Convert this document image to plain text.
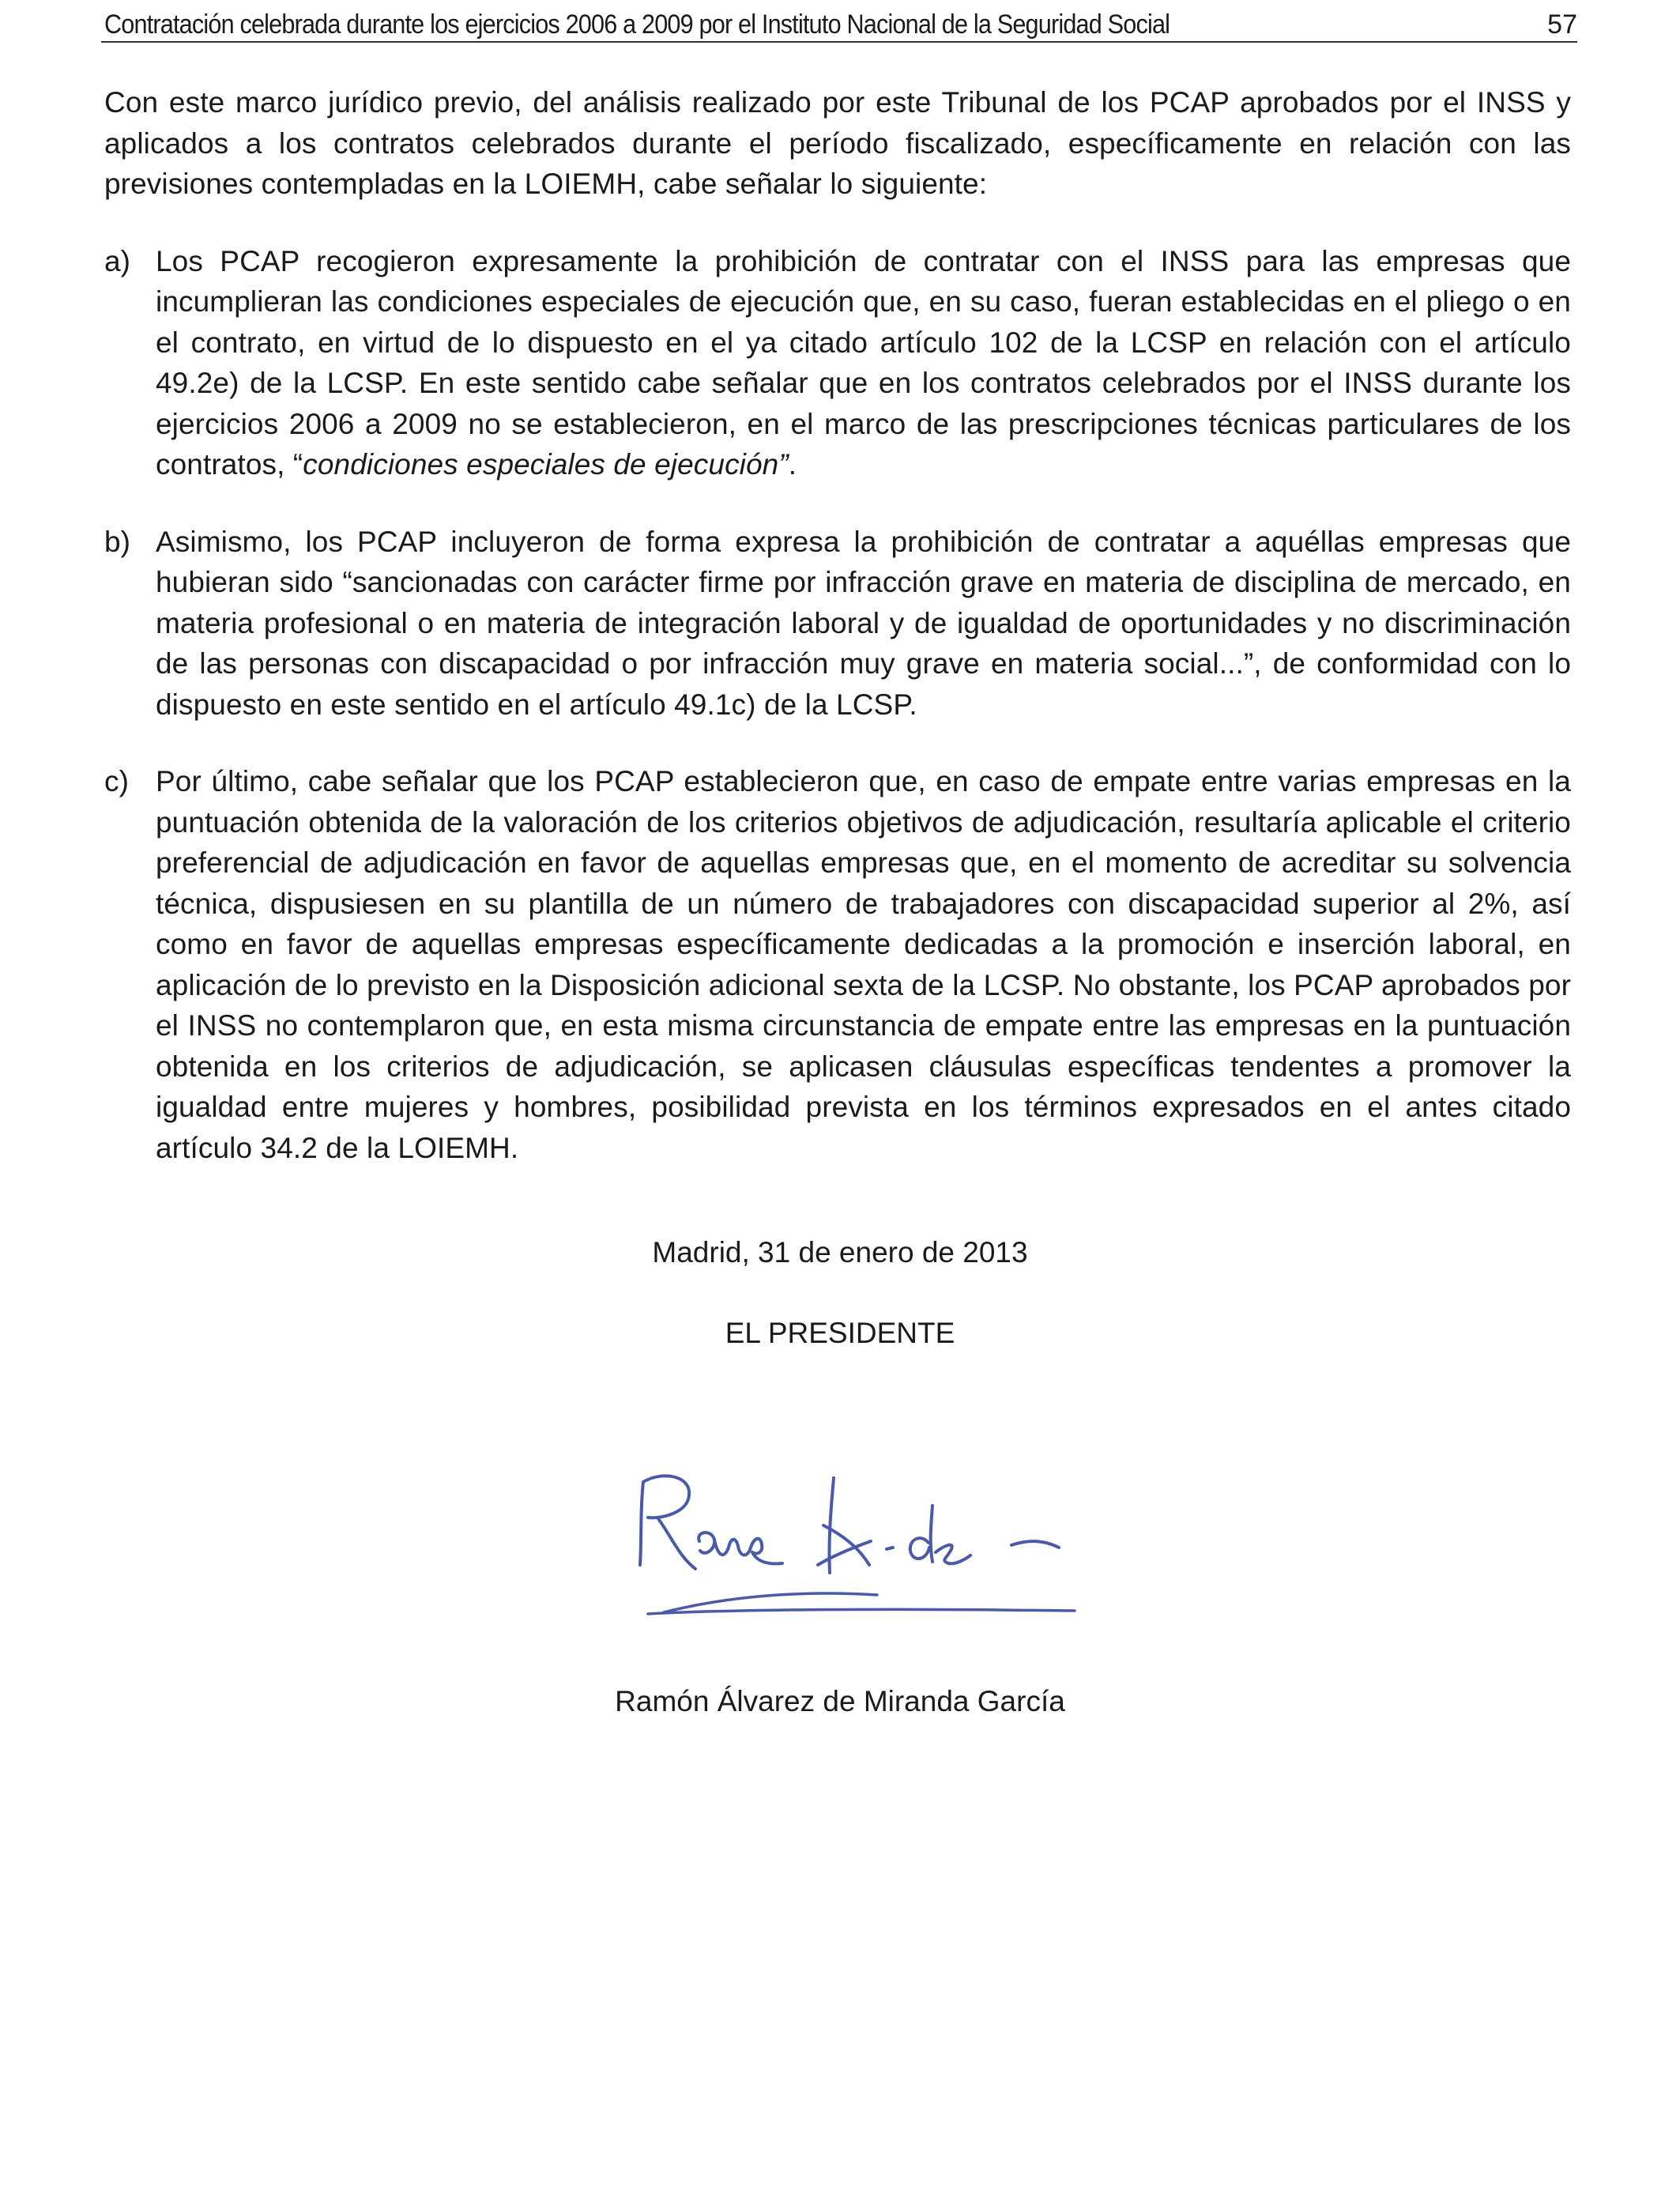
Contratación celebrada durante los ejercicios 2006 a 2009 por el Instituto Nacional de la Seguridad Social	57

Con este marco jurídico previo, del análisis realizado por este Tribunal de los PCAP aprobados por el INSS y aplicados a los contratos celebrados durante el período fiscalizado, específicamente en relación con las previsiones contempladas en la LOIEMH, cabe señalar lo siguiente:

a) Los PCAP recogieron expresamente la prohibición de contratar con el INSS para las empresas que incumplieran las condiciones especiales de ejecución que, en su caso, fueran establecidas en el pliego o en el contrato, en virtud de lo dispuesto en el ya citado artículo 102 de la LCSP en relación con el artículo 49.2e) de la LCSP. En este sentido cabe señalar que en los contratos celebrados por el INSS durante los ejercicios 2006 a 2009 no se establecieron, en el marco de las prescripciones técnicas particulares de los contratos, “condiciones especiales de ejecución”.
b) Asimismo, los PCAP incluyeron de forma expresa la prohibición de contratar a aquéllas empresas que hubieran sido “sancionadas con carácter firme por infracción grave en materia de disciplina de mercado, en materia profesional o en materia de integración laboral y de igualdad de oportunidades y no discriminación de las personas con discapacidad o por infracción muy grave en materia social...”, de conformidad con lo dispuesto en este sentido en el artículo 49.1c) de la LCSP.
c) Por último, cabe señalar que los PCAP establecieron que, en caso de empate entre varias empresas en la puntuación obtenida de la valoración de los criterios objetivos de adjudicación, resultaría aplicable el criterio preferencial de adjudicación en favor de aquellas empresas que, en el momento de acreditar su solvencia técnica, dispusiesen en su plantilla de un número de trabajadores con discapacidad superior al 2%, así como en favor de aquellas empresas específicamente dedicadas a la promoción e inserción laboral, en aplicación de lo previsto en la Disposición adicional sexta de la LCSP. No obstante, los PCAP aprobados por el INSS no contemplaron que, en esta misma circunstancia de empate entre las empresas en la puntuación obtenida en los criterios de adjudicación, se aplicasen cláusulas específicas tendentes a promover la igualdad entre mujeres y hombres, posibilidad prevista en los términos expresados en el antes citado artículo 34.2 de la LOIEMH.
Madrid, 31 de enero de 2013
EL PRESIDENTE
Ramón Álvarez de Miranda García
